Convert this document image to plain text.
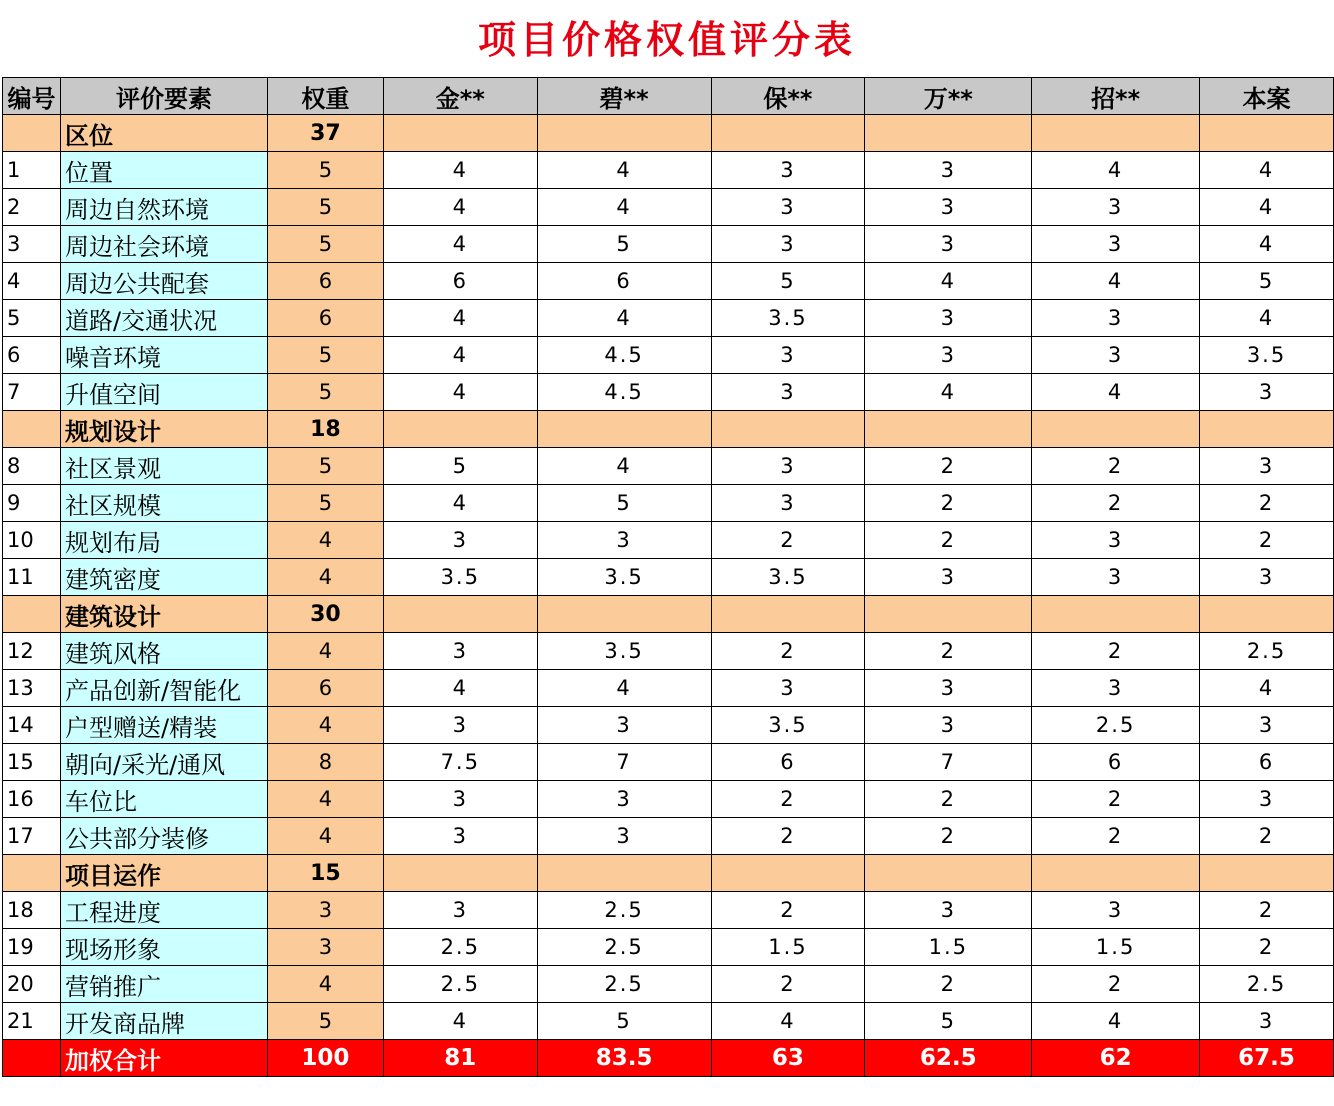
项目价格权值评分表
编号	评价要素	权重	金**	碧**	保**	万**	招**	本案
	区位	37						
1	位置	5	4	4	3	3	4	4
2	周边自然环境	5	4	4	3	3	3	4
3	周边社会环境	5	4	5	3	3	3	4
4	周边公共配套	6	6	6	5	4	4	5
5	道路/交通状况	6	4	4	3.5	3	3	4
6	噪音环境	5	4	4.5	3	3	3	3.5
7	升值空间	5	4	4.5	3	4	4	3
	规划设计	18						
8	社区景观	5	5	4	3	2	2	3
9	社区规模	5	4	5	3	2	2	2
10	规划布局	4	3	3	2	2	3	2
11	建筑密度	4	3.5	3.5	3.5	3	3	3
	建筑设计	30						
12	建筑风格	4	3	3.5	2	2	2	2.5
13	产品创新/智能化	6	4	4	3	3	3	4
14	户型赠送/精装	4	3	3	3.5	3	2.5	3
15	朝向/采光/通风	8	7.5	7	6	7	6	6
16	车位比	4	3	3	2	2	2	3
17	公共部分装修	4	3	3	2	2	2	2
	项目运作	15						
18	工程进度	3	3	2.5	2	3	3	2
19	现场形象	3	2.5	2.5	1.5	1.5	1.5	2
20	营销推广	4	2.5	2.5	2	2	2	2.5
21	开发商品牌	5	4	5	4	5	4	3
	加权合计	100	81	83.5	63	62.5	62	67.5
